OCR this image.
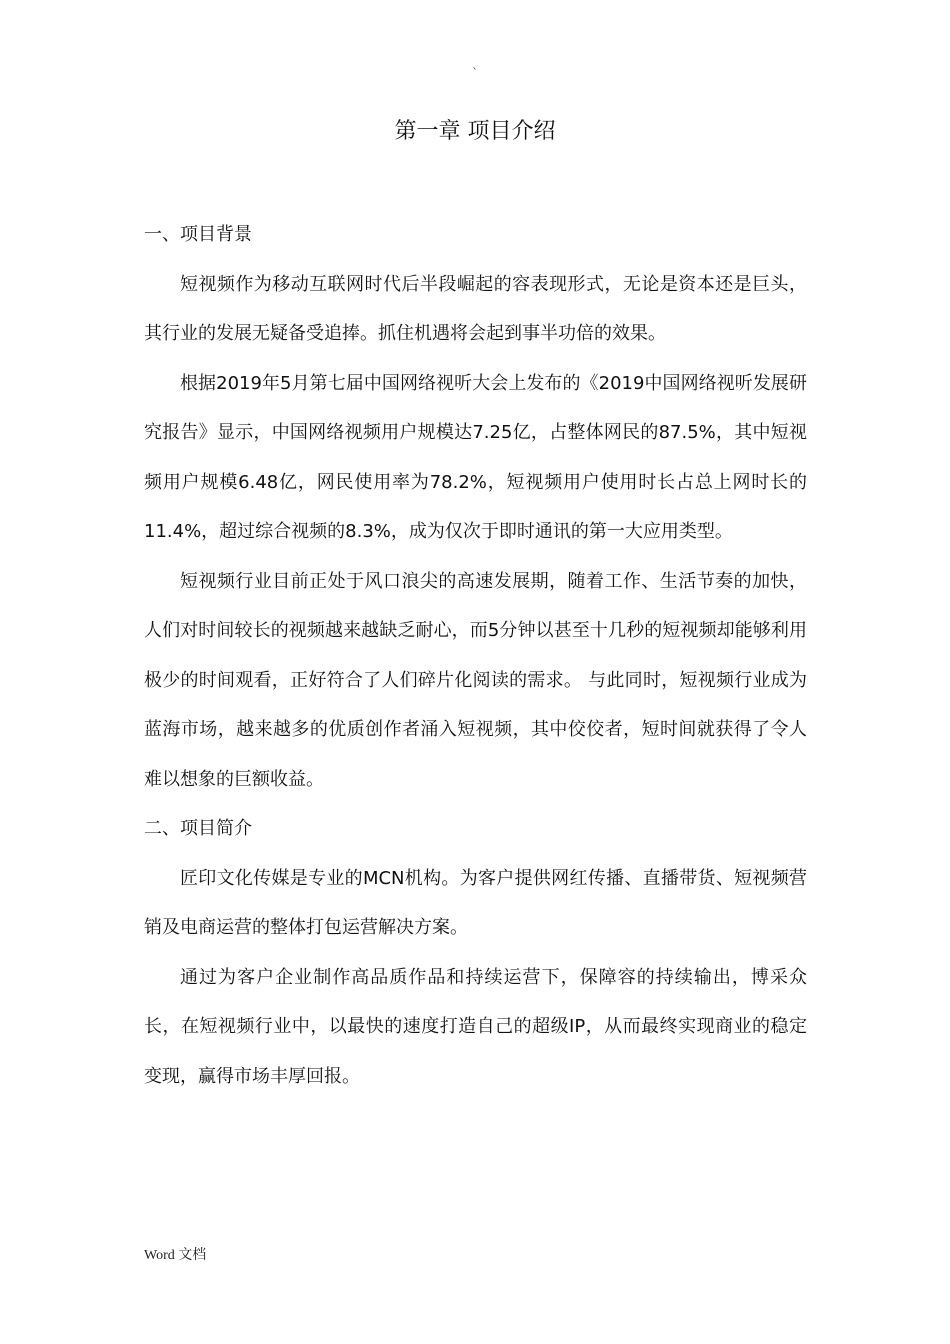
`
第一章 项目介绍
一、项目背景

短视频作为移动互联网时代后半段崛起的容表现形式，无论是资本还是巨头，其行业的发展无疑备受追捧。抓住机遇将会起到事半功倍的效果。

根据2019年5月第七届中国网络视听大会上发布的《2019中国网络视听发展研究报告》显示，中国网络视频用户规模达7.25亿，占整体网民的87.5%，其中短视频用户规模6.48亿，网民使用率为78.2%，短视频用户使用时长占总上网时长的11.4%，超过综合视频的8.3%，成为仅次于即时通讯的第一大应用类型。

短视频行业目前正处于风口浪尖的高速发展期，随着工作、生活节奏的加快，人们对时间较长的视频越来越缺乏耐心，而5分钟以甚至十几秒的短视频却能够利用极少的时间观看，正好符合了人们碎片化阅读的需求。 与此同时，短视频行业成为蓝海市场，越来越多的优质创作者涌入短视频，其中佼佼者，短时间就获得了令人难以想象的巨额收益。

二、项目简介

匠印文化传媒是专业的MCN机构。为客户提供网红传播、直播带货、短视频营销及电商运营的整体打包运营解决方案。

通过为客户企业制作高品质作品和持续运营下，保障容的持续输出，博采众长，在短视频行业中，以最快的速度打造自己的超级IP，从而最终实现商业的稳定变现，赢得市场丰厚回报。

Word 文档
